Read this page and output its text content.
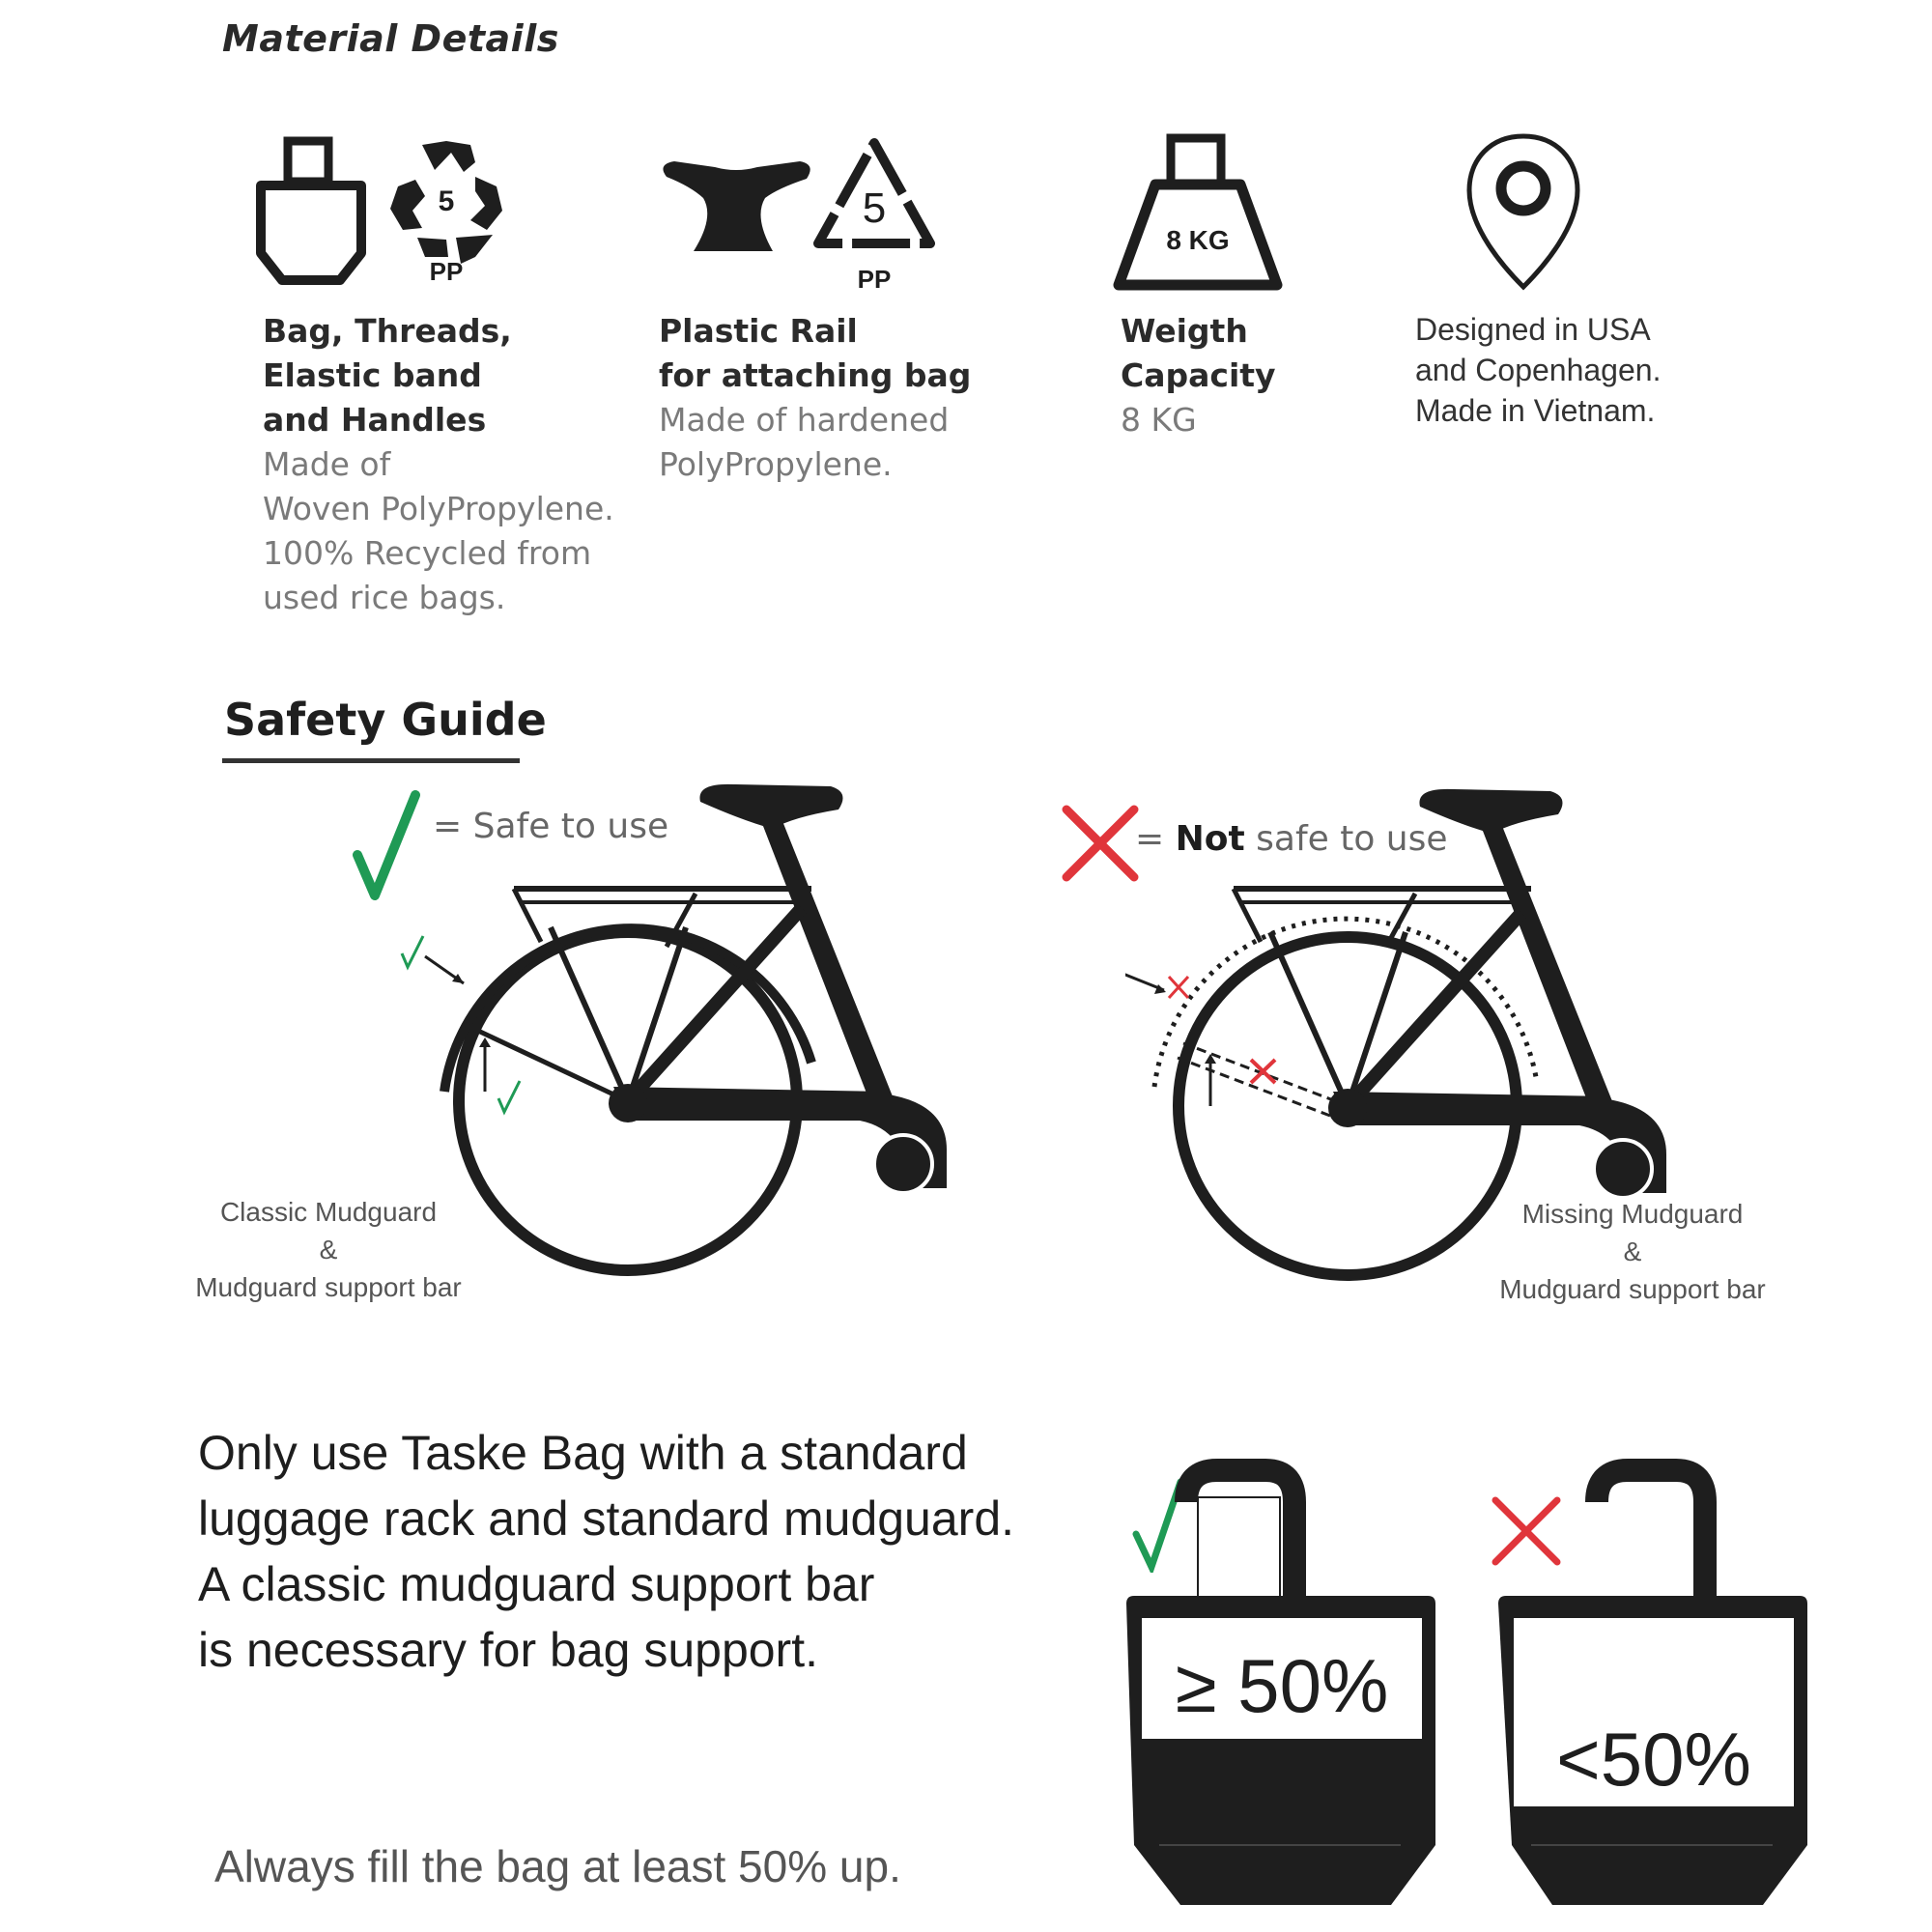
Material Details
5
PP
Bag, Threads,
Elastic band
and Handles
Made of
Woven PolyPropylene.
100% Recycled from
used rice bags.
5
PP
Plastic Rail
for attaching bag
Made of hardened
PolyPropylene.
8 KG
Weigth
Capacity
8 KG
Designed in USA
and Copenhagen.
Made in Vietnam.
Safety Guide
= Safe to use
Classic Mudguard
&
Mudguard support bar
= Not safe to use
Missing Mudguard
&
Mudguard support bar
Only use Taske Bag with a standard
luggage rack and standard mudguard.
A classic mudguard support bar
is necessary for bag support.
Always fill the bag at least 50% up.
≥ 50%
<50%
